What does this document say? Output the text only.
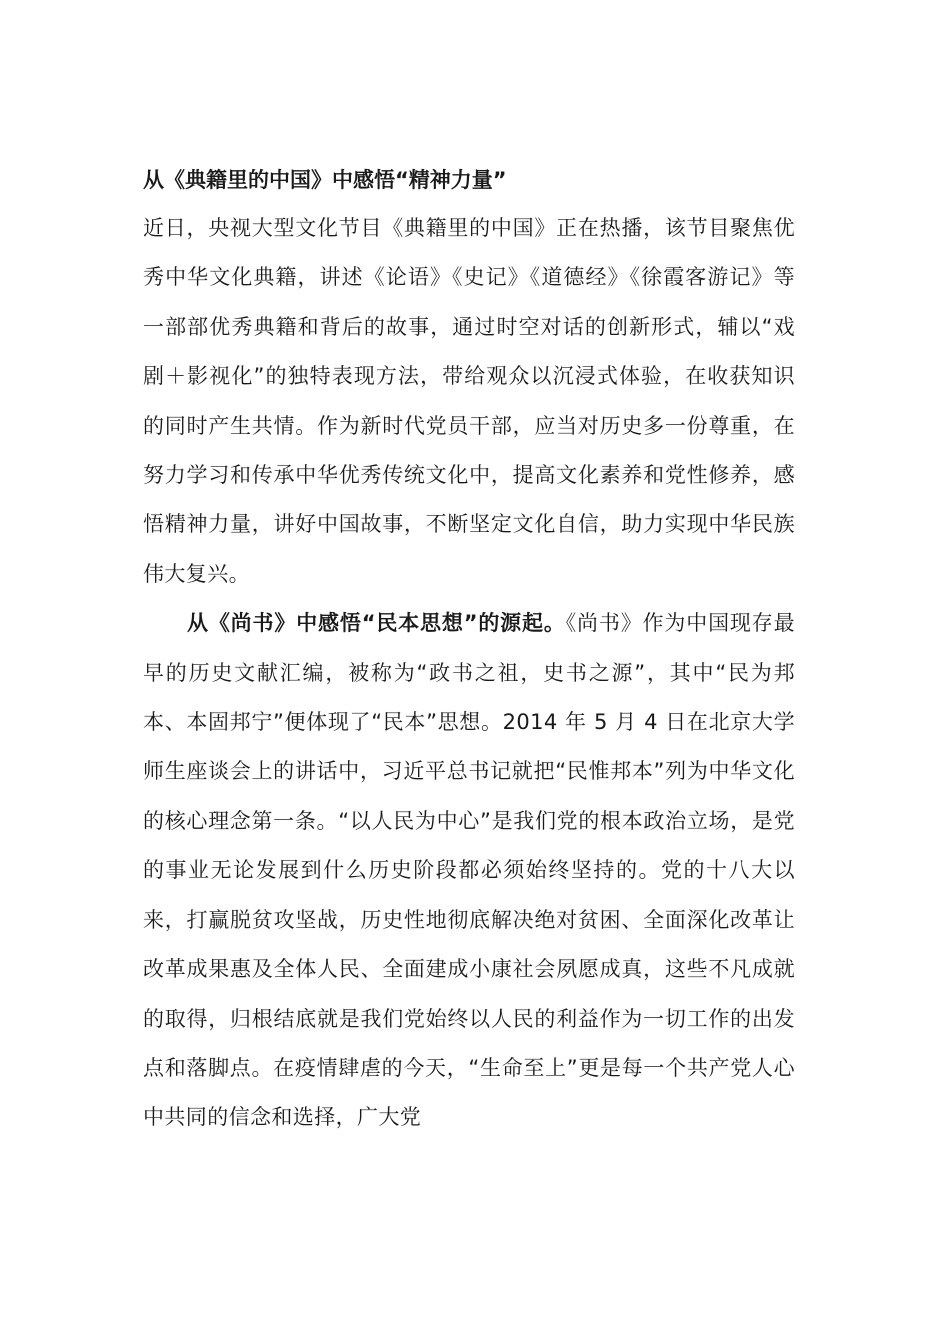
从《典籍里的中国》中感悟“精神力量”

近日，央视大型文化节目《典籍里的中国》正在热播，该节目聚焦优秀中华文化典籍，讲述《论语》《史记》《道德经》《徐霞客游记》等一部部优秀典籍和背后的故事，通过时空对话的创新形式，辅以“戏剧＋影视化”的独特表现方法，带给观众以沉浸式体验，在收获知识的同时产生共情。作为新时代党员干部，应当对历史多一份尊重，在努力学习和传承中华优秀传统文化中，提高文化素养和党性修养，感悟精神力量，讲好中国故事，不断坚定文化自信，助力实现中华民族伟大复兴。

从《尚书》中感悟“民本思想”的源起。《尚书》作为中国现存最早的历史文献汇编，被称为“政书之祖，史书之源”，其中“民为邦本、本固邦宁”便体现了“民本”思想。2014 年 5 月 4 日在北京大学师生座谈会上的讲话中，习近平总书记就把“民惟邦本”列为中华文化的核心理念第一条。“以人民为中心”是我们党的根本政治立场，是党的事业无论发展到什么历史阶段都必须始终坚持的。党的十八大以来，打赢脱贫攻坚战，历史性地彻底解决绝对贫困、全面深化改革让改革成果惠及全体人民、全面建成小康社会夙愿成真，这些不凡成就的取得，归根结底就是我们党始终以人民的利益作为一切工作的出发点和落脚点。在疫情肆虐的今天，“生命至上”更是每一个共产党人心中共同的信念和选择，广大党
